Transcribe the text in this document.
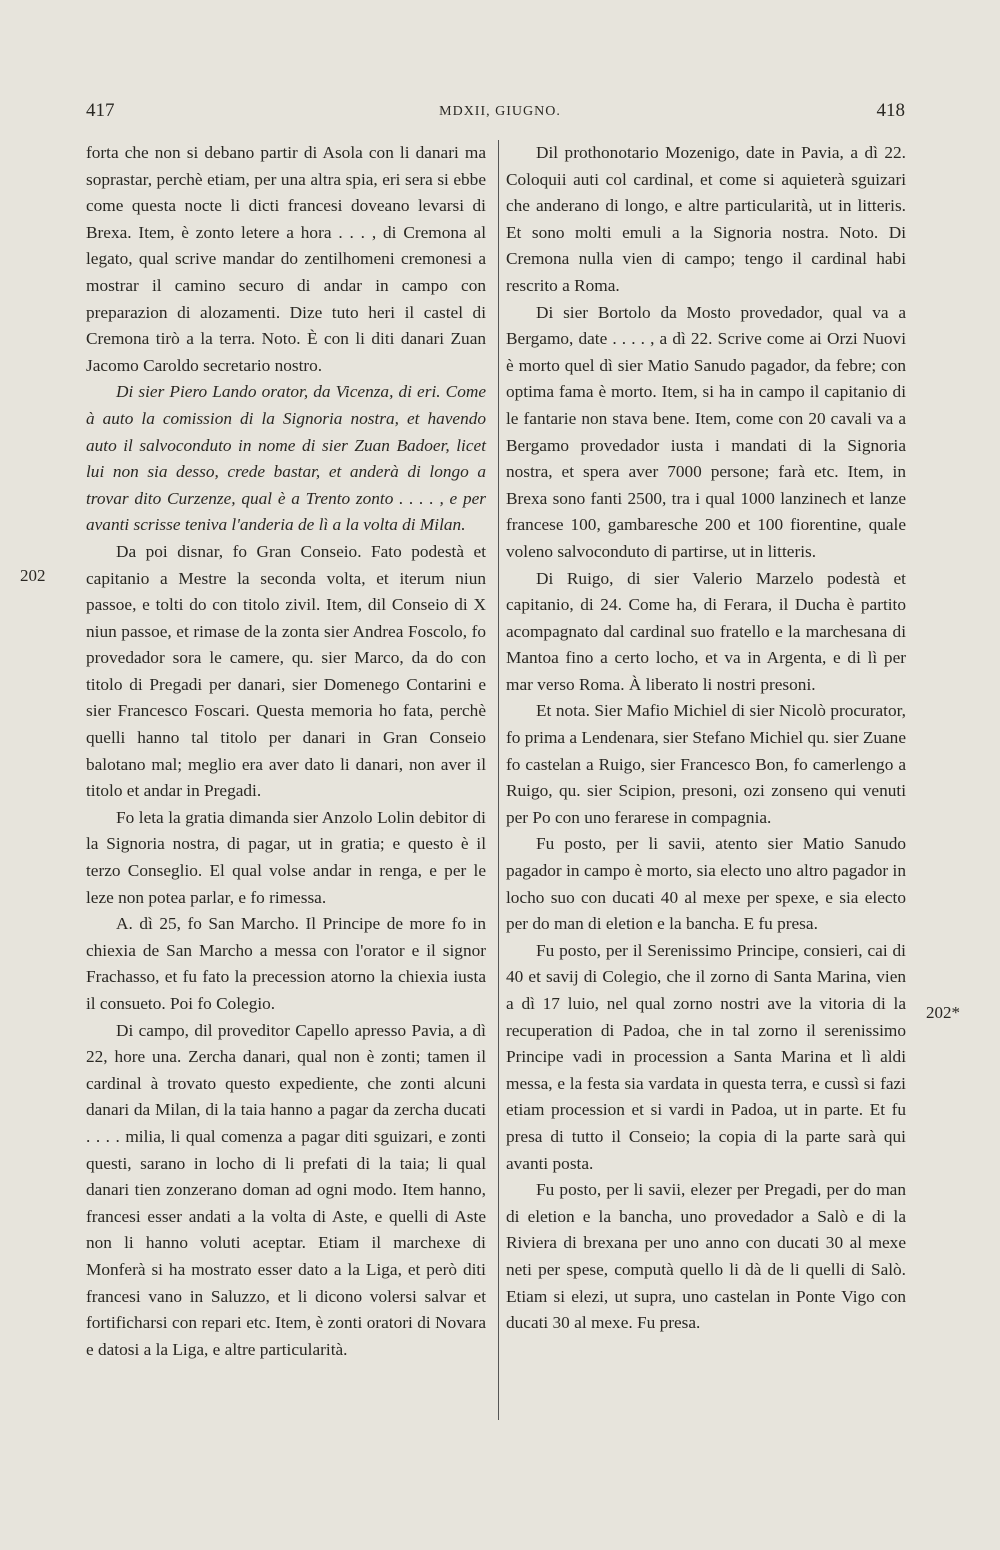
417	MDXII, GIUGNO.	418
202
202*

forta che non si debano partir di Asola con li danari ma soprastar, perchè etiam, per una altra spia, eri sera si ebbe come questa nocte li dicti francesi doveano levarsi di Brexa. Item, è zonto letere a hora . . . , di Cremona al legato, qual scrive mandar do zentilhomeni cremonesi a mostrar il camino securo di andar in campo con preparazion di alozamenti. Dize tuto heri il castel di Cremona tirò a la terra. Noto. È con li diti danari Zuan Jacomo Caroldo secretario nostro.

Di sier Piero Lando orator, da Vicenza, di eri. Come à auto la comission di la Signoria nostra, et havendo auto il salvoconduto in nome di sier Zuan Badoer, licet lui non sia desso, crede bastar, et anderà di longo a trovar dito Curzenze, qual è a Trento zonto . . . . , e per avanti scrisse teniva l'anderia de lì a la volta di Milan.

Da poi disnar, fo Gran Conseio. Fato podestà et capitanio a Mestre la seconda volta, et iterum niun passoe, e tolti do con titolo zivil. Item, dil Conseio di X niun passoe, et rimase de la zonta sier Andrea Foscolo, fo provedador sora le camere, qu. sier Marco, da do con titolo di Pregadi per danari, sier Domenego Contarini e sier Francesco Foscari. Questa memoria ho fata, perchè quelli hanno tal titolo per danari in Gran Conseio balotano mal; meglio era aver dato li danari, non aver il titolo et andar in Pregadi.

Fo leta la gratia dimanda sier Anzolo Lolin debitor di la Signoria nostra, di pagar, ut in gratia; e questo è il terzo Conseglio. El qual volse andar in renga, e per le leze non potea parlar, e fo rimessa.

A. dì 25, fo San Marcho. Il Principe de more fo in chiexia de San Marcho a messa con l'orator e il signor Frachasso, et fu fato la precession atorno la chiexia iusta il consueto. Poi fo Colegio.

Di campo, dil proveditor Capello apresso Pavia, a dì 22, hore una. Zercha danari, qual non è zonti; tamen il cardinal à trovato questo expediente, che zonti alcuni danari da Milan, di la taia hanno a pagar da zercha ducati . . . . milia, li qual comenza a pagar diti sguizari, e zonti questi, sarano in locho di li prefati di la taia; li qual danari tien zonzerano doman ad ogni modo. Item hanno, francesi esser andati a la volta di Aste, e quelli di Aste non li hanno voluti aceptar. Etiam il marchexe di Monferà si ha mostrato esser dato a la Liga, et però diti francesi vano in Saluzzo, et li dicono volersi salvar et fortificharsi con repari etc. Item, è zonti oratori di Novara e datosi a la Liga, e altre particularità.

Dil prothonotario Mozenigo, date in Pavia, a dì 22. Coloquii auti col cardinal, et come si aquieterà sguizari che anderano di longo, e altre particularità, ut in litteris. Et sono molti emuli a la Signoria nostra. Noto. Di Cremona nulla vien di campo; tengo il cardinal habi rescrito a Roma.

Di sier Bortolo da Mosto provedador, qual va a Bergamo, date . . . . , a dì 22. Scrive come ai Orzi Nuovi è morto quel dì sier Matio Sanudo pagador, da febre; con optima fama è morto. Item, si ha in campo il capitanio di le fantarie non stava bene. Item, come con 20 cavali va a Bergamo provedador iusta i mandati di la Signoria nostra, et spera aver 7000 persone; farà etc. Item, in Brexa sono fanti 2500, tra i qual 1000 lanzinech et lanze francese 100, gambaresche 200 et 100 fiorentine, quale voleno salvoconduto di partirse, ut in litteris.

Di Ruigo, di sier Valerio Marzelo podestà et capitanio, di 24. Come ha, di Ferara, il Ducha è partito acompagnato dal cardinal suo fratello e la marchesana di Mantoa fino a certo locho, et va in Argenta, e di lì per mar verso Roma. À liberato li nostri presoni.

Et nota. Sier Mafio Michiel di sier Nicolò procurator, fo prima a Lendenara, sier Stefano Michiel qu. sier Zuane fo castelan a Ruigo, sier Francesco Bon, fo camerlengo a Ruigo, qu. sier Scipion, presoni, ozi zonseno qui venuti per Po con uno ferarese in compagnia.

Fu posto, per li savii, atento sier Matio Sanudo pagador in campo è morto, sia electo uno altro pagador in locho suo con ducati 40 al mexe per spexe, e sia electo per do man di eletion e la bancha. E fu presa.

Fu posto, per il Serenissimo Principe, consieri, cai di 40 et savij di Colegio, che il zorno di Santa Marina, vien a dì 17 luio, nel qual zorno nostri ave la vitoria di la recuperation di Padoa, che in tal zorno il serenissimo Principe vadi in procession a Santa Marina et lì aldi messa, e la festa sia vardata in questa terra, e cussì si fazi etiam procession et si vardi in Padoa, ut in parte. Et fu presa di tutto il Conseio; la copia di la parte sarà qui avanti posta.

Fu posto, per li savii, elezer per Pregadi, per do man di eletion e la bancha, uno provedador a Salò e di la Riviera di brexana per uno anno con ducati 30 al mexe neti per spese, computà quello li dà de li quelli di Salò. Etiam si elezi, ut supra, uno castelan in Ponte Vigo con ducati 30 al mexe. Fu presa.
